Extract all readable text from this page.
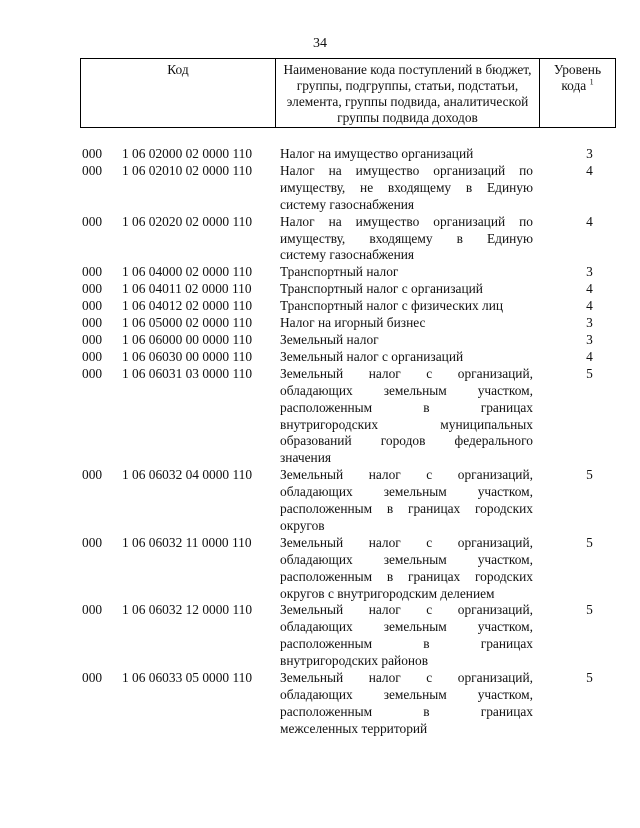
34
Код	Наименование кода поступлений в бюджет, группы, подгруппы, статьи, подстатьи, элемента, группы подвида, аналитической группы подвида доходов
Уровень кода $^1$
000	1 06 02000 02 0000 110	Налог на имущество организаций	3
000	1 06 02010 02 0000 110	Налог на имущество организаций по
имуществу, не входящему в Единую
систему газоснабжения
4
000	1 06 02020 02 0000 110	Налог на имущество организаций по
имуществу, входящему в Единую
систему газоснабжения
4
000	1 06 04000 02 0000 110	Транспортный налог	3
000	1 06 04011 02 0000 110	Транспортный налог с организаций	4
000	1 06 04012 02 0000 110	Транспортный налог с физических лиц	4
000	1 06 05000 02 0000 110	Налог на игорный бизнес	3
000	1 06 06000 00 0000 110	Земельный налог	3
000	1 06 06030 00 0000 110	Земельный налог с организаций	4
000	1 06 06031 03 0000 110	Земельный налог с организаций,
обладающих земельным участком,
расположенным в границах
внутригородских муниципальных
образований городов федерального
значения
5
000	1 06 06032 04 0000 110	Земельный налог с организаций,
обладающих земельным участком,
расположенным в границах городских
округов
5
000	1 06 06032 11 0000 110	Земельный налог с организаций,
обладающих земельным участком,
расположенным в границах городских
округов с внутригородским делением
5
000	1 06 06032 12 0000 110	Земельный налог с организаций,
обладающих земельным участком,
расположенным в границах
внутригородских районов
5
000	1 06 06033 05 0000 110	Земельный налог с организаций,
обладающих земельным участком,
расположенным в границах
межселенных территорий
5
